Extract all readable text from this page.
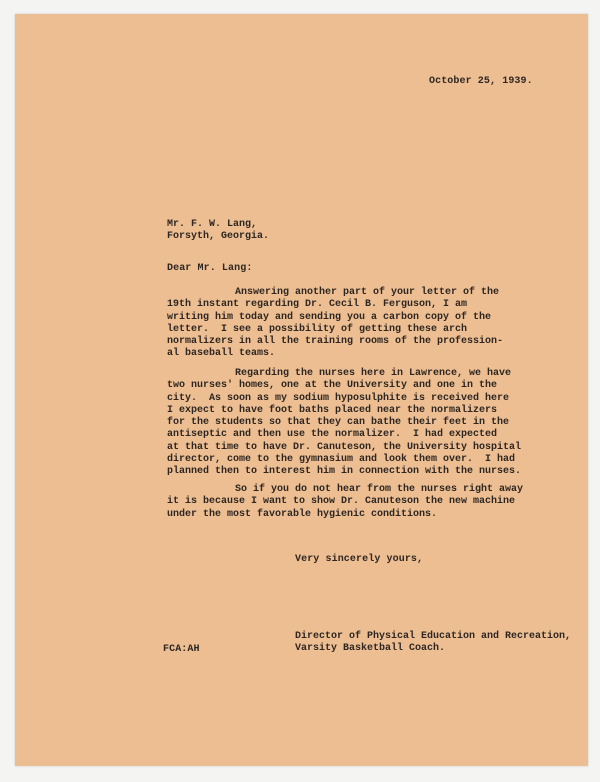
October 25, 1939.
Mr. F. W. Lang,
Forsyth, Georgia.
Dear Mr. Lang:
Answering another part of your letter of the
19th instant regarding Dr. Cecil B. Ferguson, I am
writing him today and sending you a carbon copy of the
letter.  I see a possibility of getting these arch
normalizers in all the training rooms of the profession-
al baseball teams.
Regarding the nurses here in Lawrence, we have
two nurses' homes, one at the University and one in the
city.  As soon as my sodium hyposulphite is received here
I expect to have foot baths placed near the normalizers
for the students so that they can bathe their feet in the
antiseptic and then use the normalizer.  I had expected
at that time to have Dr. Canuteson, the University hospital
director, come to the gymnasium and look them over.  I had
planned then to interest him in connection with the nurses.
So if you do not hear from the nurses right away
it is because I want to show Dr. Canuteson the new machine
under the most favorable hygienic conditions.
Very sincerely yours,
FCA:AH
Director of Physical Education and Recreation,
Varsity Basketball Coach.
